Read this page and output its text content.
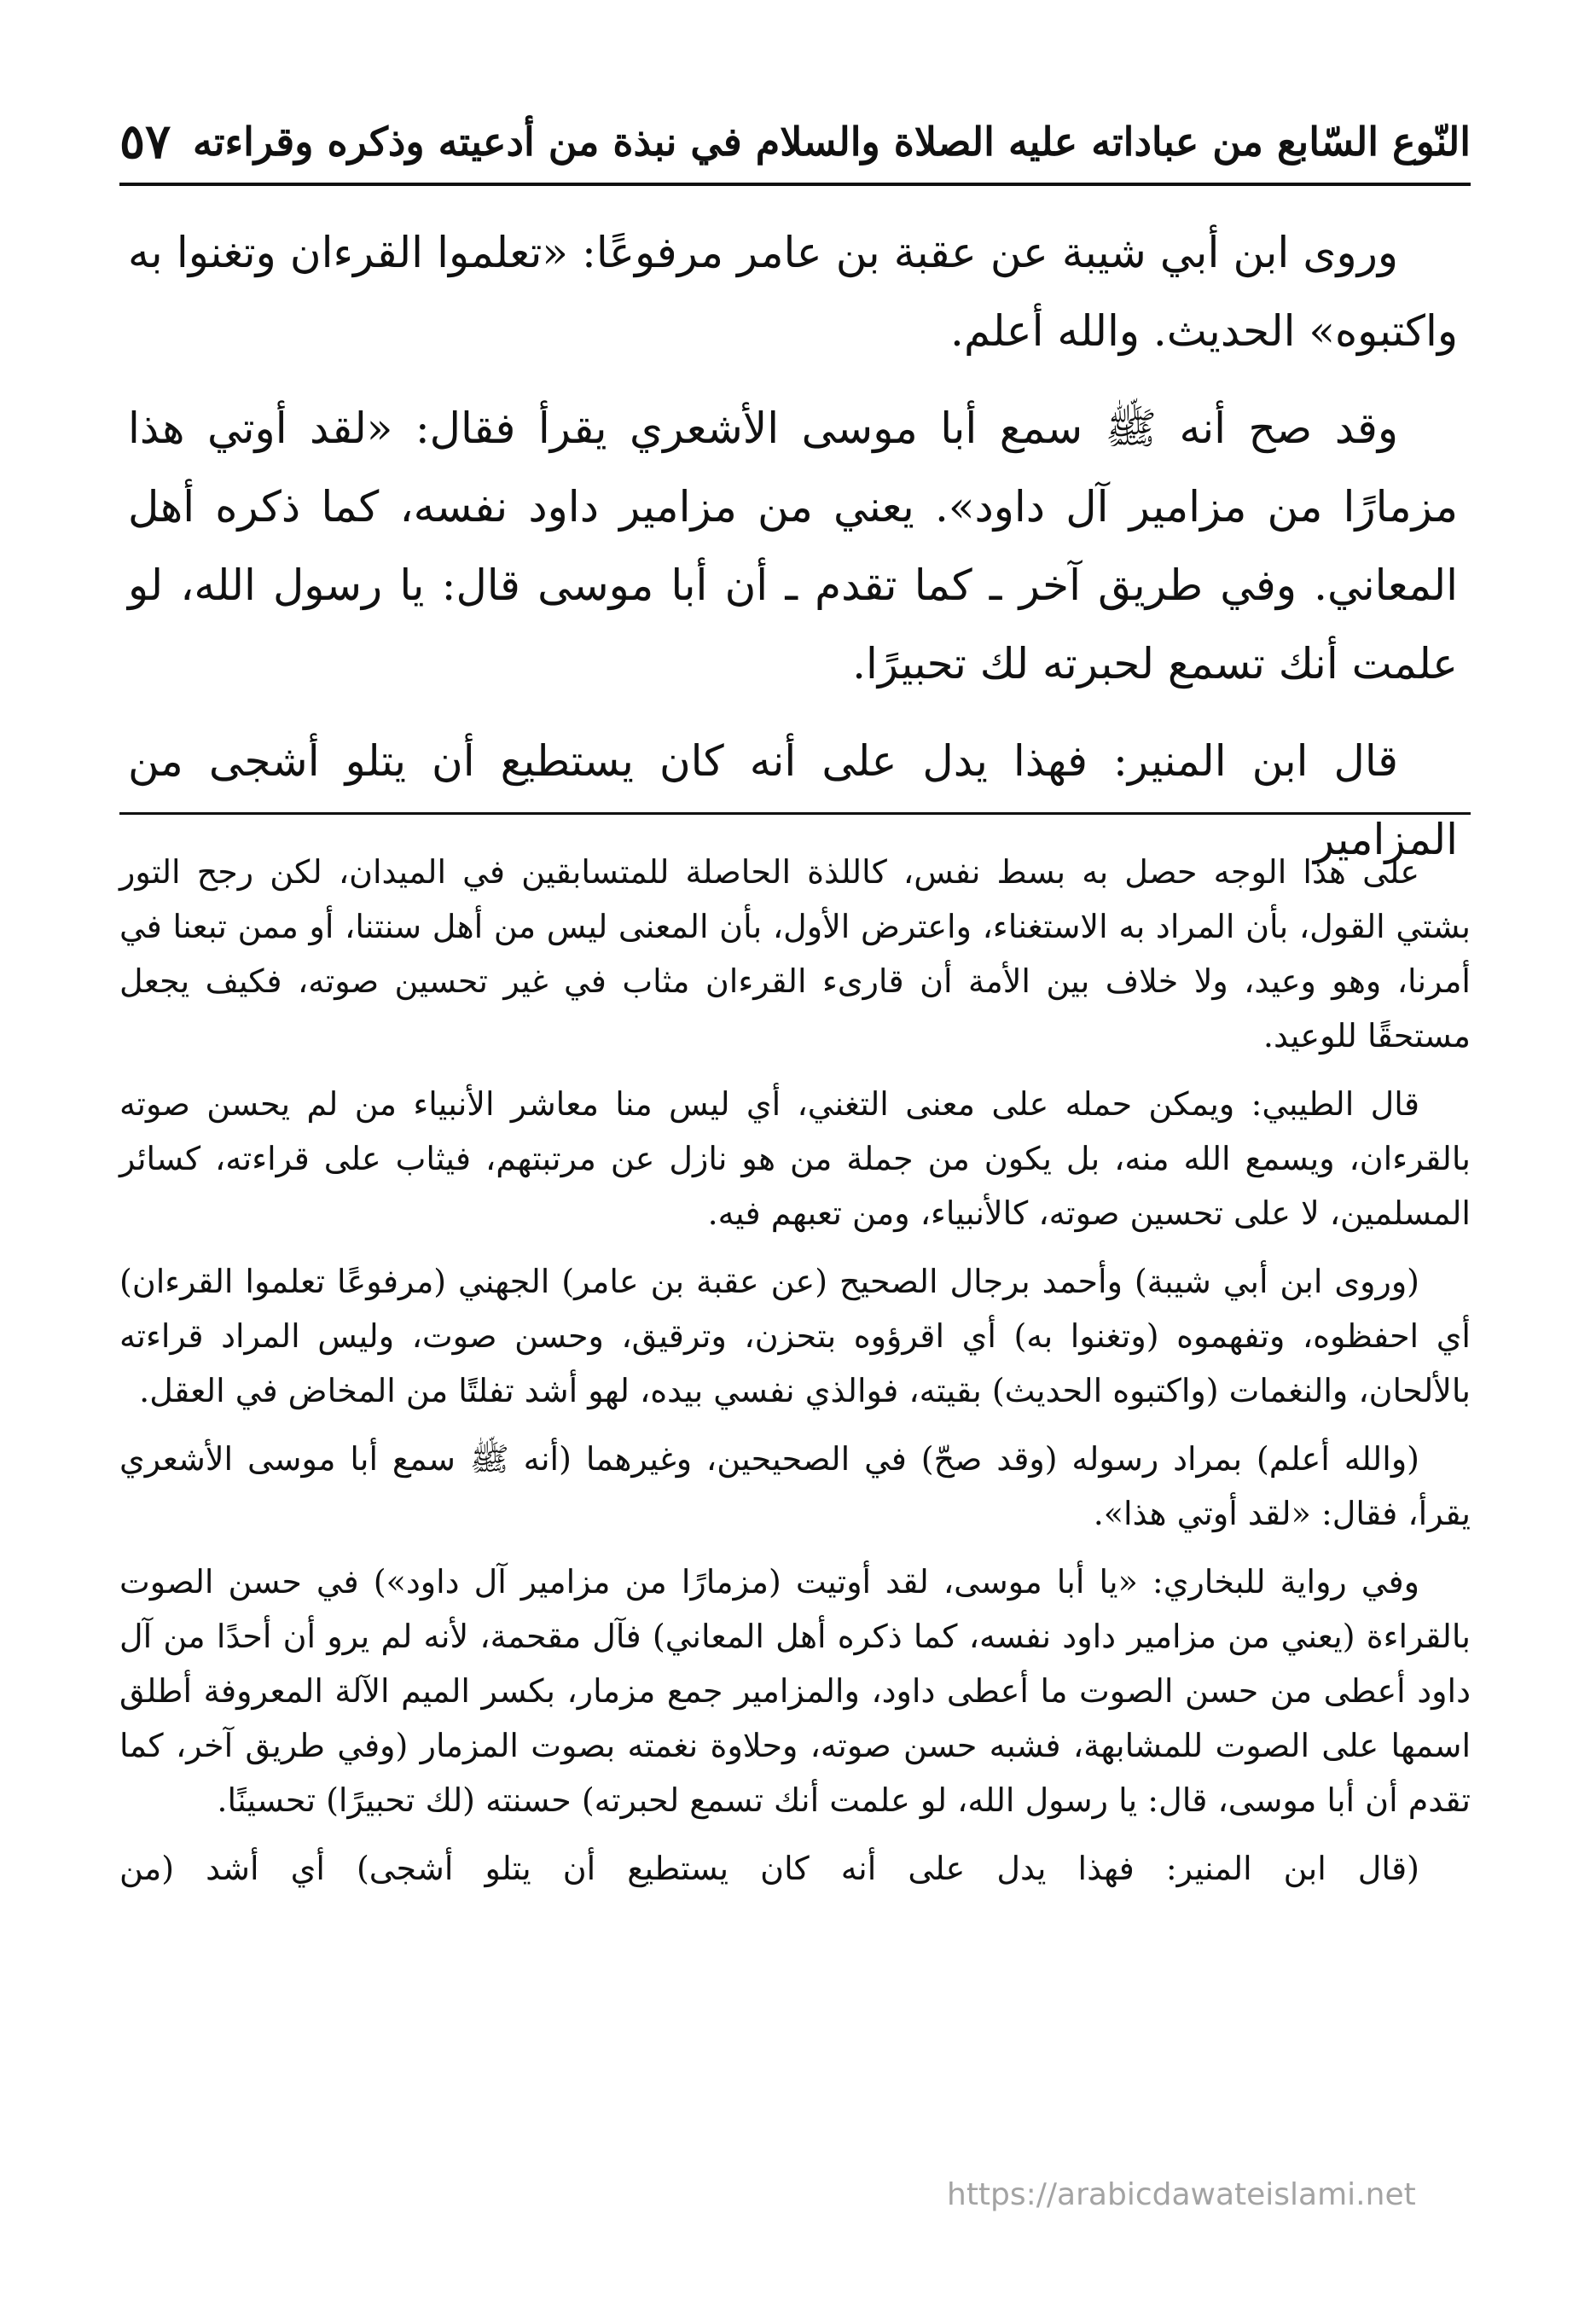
النّوع السّابع من عباداته عليه الصلاة والسلام في نبذة من أدعيته وذكره وقراءته
٥٧

وروى ابن أبي شيبة عن عقبة بن عامر مرفوعًا: «تعلموا القرءان وتغنوا به واكتبوه» الحديث. والله أعلم.

وقد صح أنه ﷺ سمع أبا موسى الأشعري يقرأ فقال: «لقد أوتي هذا مزمارًا من مزامير آل داود». يعني من مزامير داود نفسه، كما ذكره أهل المعاني. وفي طريق آخر ـ كما تقدم ـ أن أبا موسى قال: يا رسول الله، لو علمت أنك تسمع لحبرته لك تحبيرًا.

قال ابن المنير: فهذا يدل على أنه كان يستطيع أن يتلو أشجى من المزامير

على هذا الوجه حصل به بسط نفس، كاللذة الحاصلة للمتسابقين في الميدان، لكن رجح التور بشتي القول، بأن المراد به الاستغناء، واعترض الأول، بأن المعنى ليس من أهل سنتنا، أو ممن تبعنا في أمرنا، وهو وعيد، ولا خلاف بين الأمة أن قارىء القرءان مثاب في غير تحسين صوته، فكيف يجعل مستحقًا للوعيد.

قال الطيبي: ويمكن حمله على معنى التغني، أي ليس منا معاشر الأنبياء من لم يحسن صوته بالقرءان، ويسمع الله منه، بل يكون من جملة من هو نازل عن مرتبتهم، فيثاب على قراءته، كسائر المسلمين، لا على تحسين صوته، كالأنبياء، ومن تعبهم فيه.

(وروى ابن أبي شيبة) وأحمد برجال الصحيح (عن عقبة بن عامر) الجهني (مرفوعًا تعلموا القرءان) أي احفظوه، وتفهموه (وتغنوا به) أي اقرؤوه بتحزن، وترقيق، وحسن صوت، وليس المراد قراءته بالألحان، والنغمات (واكتبوه الحديث) بقيته، فوالذي نفسي بيده، لهو أشد تفلتًا من المخاض في العقل.

(والله أعلم) بمراد رسوله (وقد صحّ) في الصحيحين، وغيرهما (أنه ﷺ سمع أبا موسى الأشعري يقرأ، فقال: «لقد أوتي هذا».

وفي رواية للبخاري: «يا أبا موسى، لقد أوتيت (مزمارًا من مزامير آل داود») في حسن الصوت بالقراءة (يعني من مزامير داود نفسه، كما ذكره أهل المعاني) فآل مقحمة، لأنه لم يرو أن أحدًا من آل داود أعطى من حسن الصوت ما أعطى داود، والمزامير جمع مزمار، بكسر الميم الآلة المعروفة أطلق اسمها على الصوت للمشابهة، فشبه حسن صوته، وحلاوة نغمته بصوت المزمار (وفي طريق آخر، كما تقدم أن أبا موسى، قال: يا رسول الله، لو علمت أنك تسمع لحبرته) حسنته (لك تحبيرًا) تحسينًا.

(قال ابن المنير: فهذا يدل على أنه كان يستطيع أن يتلو أشجى) أي أشد (من

https://arabicdawateislami.net
